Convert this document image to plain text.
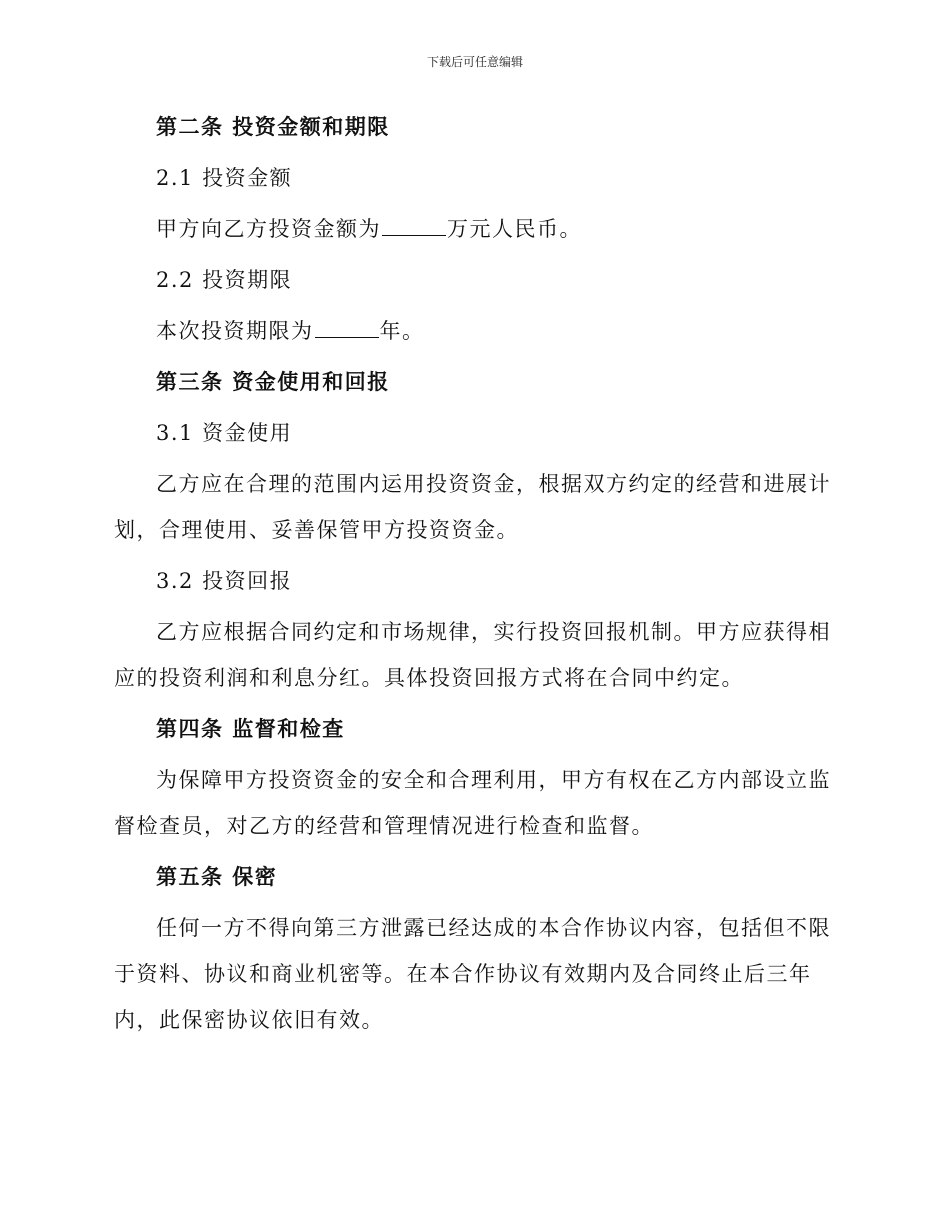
下载后可任意编辑
第二条 投资金额和期限
2.1 投资金额
甲方向乙方投资金额为	万元人民币。
2.2 投资期限
本次投资期限为	年。
第三条 资金使用和回报
3.1 资金使用
乙方应在合理的范围内运用投资资金，根据双方约定的经营和进展计划，合理使用、妥善保管甲方投资资金。
3.2 投资回报
乙方应根据合同约定和市场规律，实行投资回报机制。甲方应获得相应的投资利润和利息分红。具体投资回报方式将在合同中约定。
第四条 监督和检查
为保障甲方投资资金的安全和合理利用，甲方有权在乙方内部设立监督检查员，对乙方的经营和管理情况进行检查和监督。
第五条 保密
任何一方不得向第三方泄露已经达成的本合作协议内容，包括但不限于资料、协议和商业机密等。在本合作协议有效期内及合同终止后三年内，此保密协议依旧有效。
